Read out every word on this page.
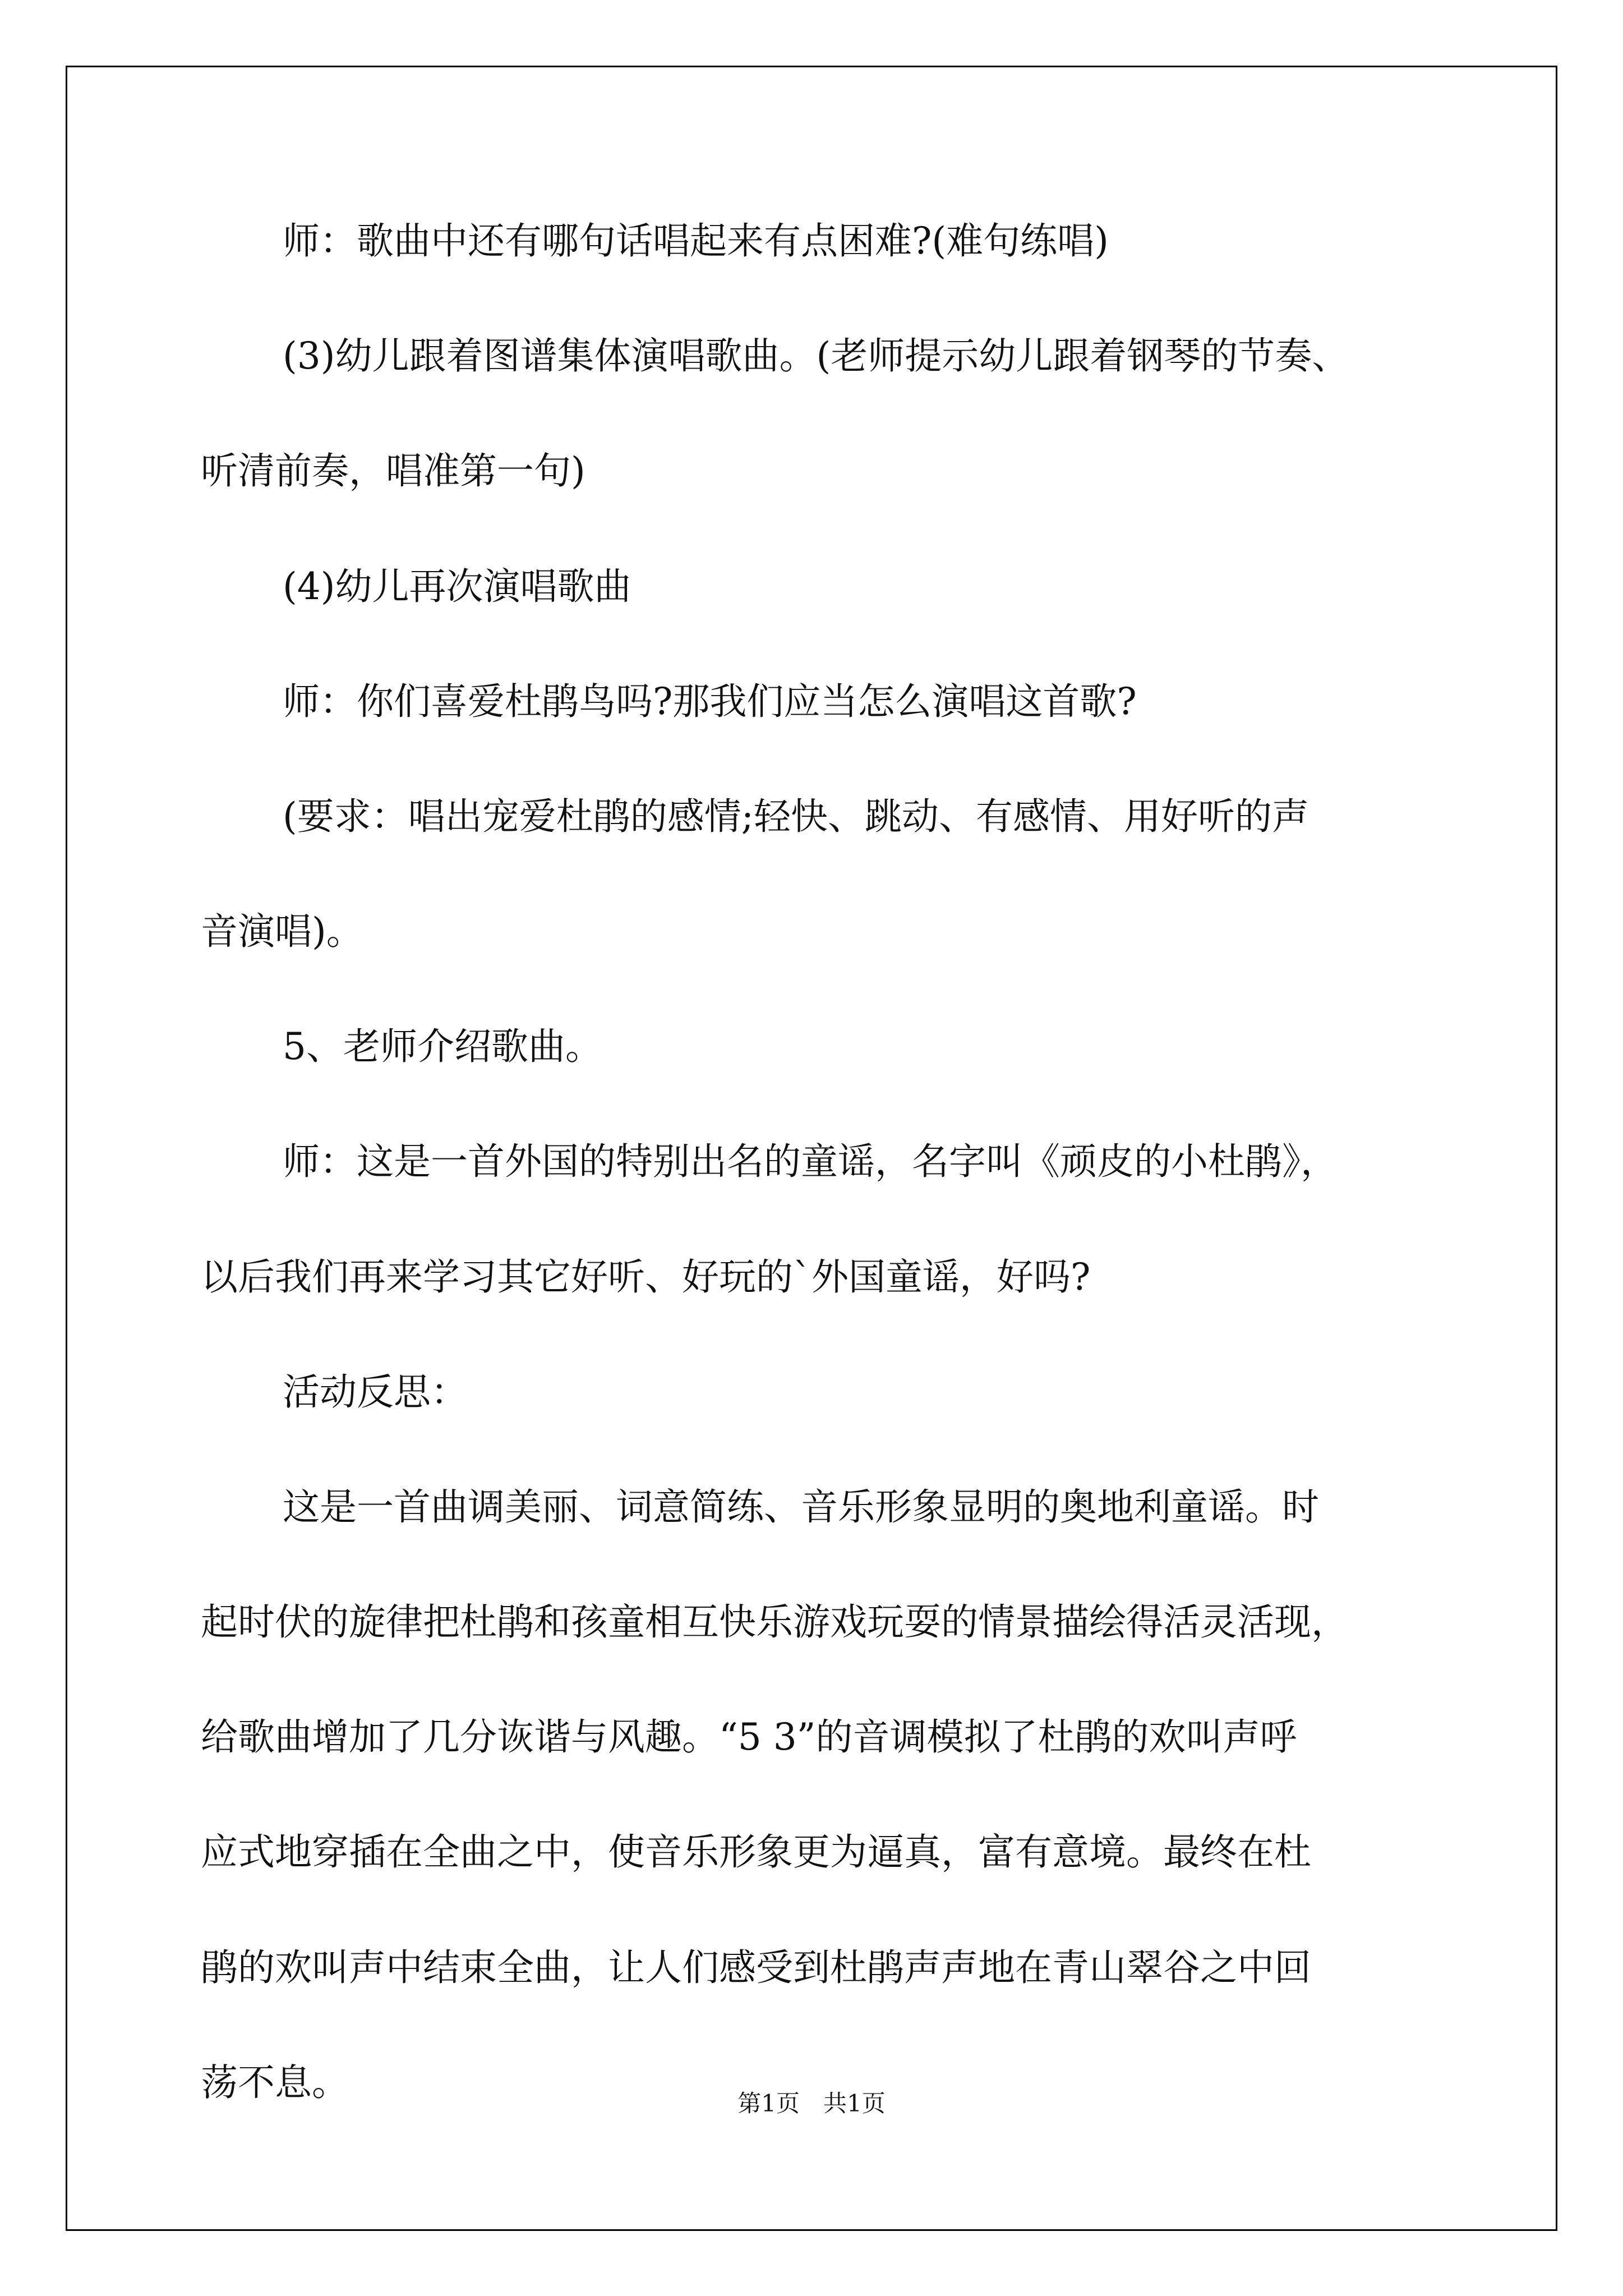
师：歌曲中还有哪句话唱起来有点困难?(难句练唱)
(3)幼儿跟着图谱集体演唱歌曲。(老师提示幼儿跟着钢琴的节奏、
听清前奏，唱准第一句)
(4)幼儿再次演唱歌曲
师：你们喜爱杜鹃鸟吗?那我们应当怎么演唱这首歌?
(要求：唱出宠爱杜鹃的感情;轻快、跳动、有感情、用好听的声
音演唱)。
5、老师介绍歌曲。
师：这是一首外国的特别出名的童谣，名字叫《顽皮的小杜鹃》，
以后我们再来学习其它好听、好玩的`外国童谣，好吗?
活动反思：
这是一首曲调美丽、词意简练、音乐形象显明的奥地利童谣。时
起时伏的旋律把杜鹃和孩童相互快乐游戏玩耍的情景描绘得活灵活现，
给歌曲增加了几分诙谐与风趣。“5 3”的音调模拟了杜鹃的欢叫声呼
应式地穿插在全曲之中，使音乐形象更为逼真，富有意境。最终在杜
鹃的欢叫声中结束全曲，让人们感受到杜鹃声声地在青山翠谷之中回
荡不息。	第1页　共1页
